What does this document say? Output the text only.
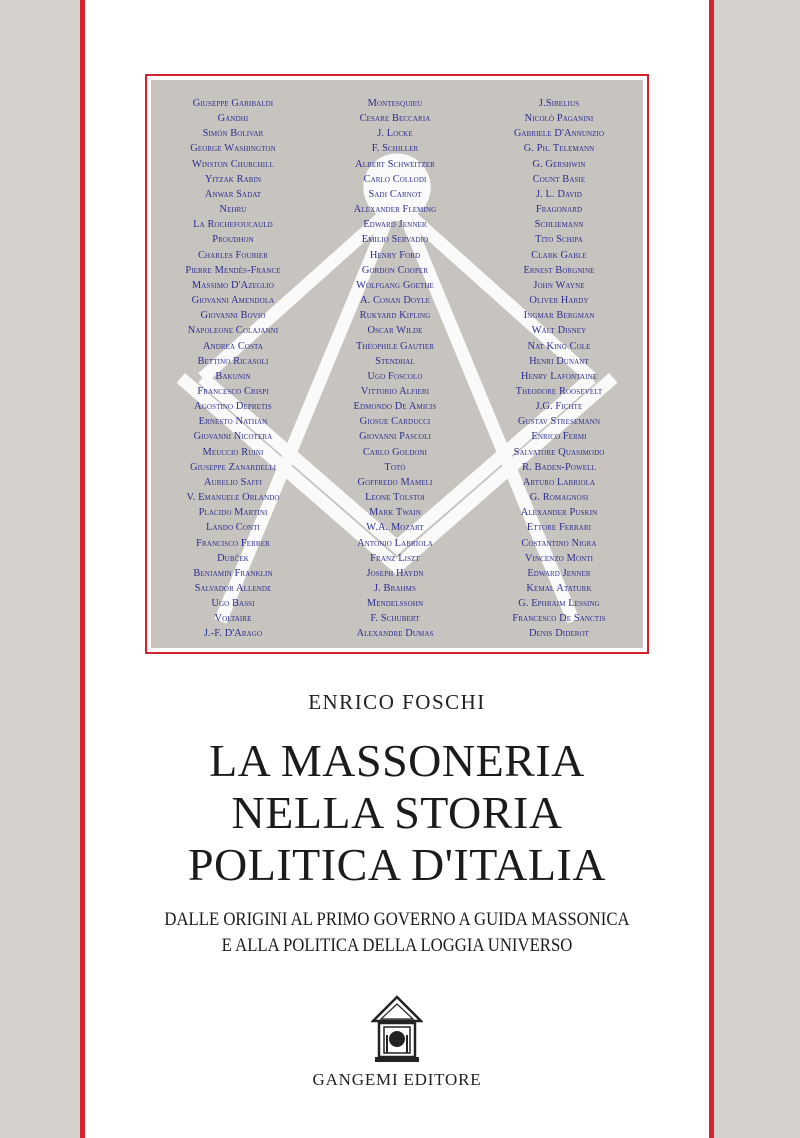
Giuseppe Garibaldi
Gandhi
Simón Bolivar
George Washington
Winston Churchill
Yitzak Rabin
Anwar Sadat
Nehru
La Rochefoucauld
Proudhon
Charles Fourier
Pierre Mendès-France
Massimo D'Azeglio
Giovanni Amendola
Giovanni Bovio
Napoleone Colajanni
Andrea Costa
Bettino Ricasoli
Bakunin
Francesco Crispi
Agostino Depretis
Ernesto Nathan
Giovanni Nicotera
Meuccio Ruini
Giuseppe Zanardelli
Aurelio Saffi
V. Emanuele Orlando
Placido Martini
Lando Conti
Francisco Ferrer
Dubček
Benjamin Franklin
Salvador Allende
Ugo Bassi
Voltaire
J.-F. D'Arago
Montesquieu
Cesare Beccaria
J. Locke
F. Schiller
Albert Schweitzer
Carlo Collodi
Sadi Carnot
Alexander Fleming
Edward Jenner
Emilio Servadio
Henry Ford
Gordon Cooper
Wolfgang Goethe
A. Conan Doyle
Rukyard Kipling
Oscar Wilde
Théophile Gautier
Stendhal
Ugo Foscolo
Vittorio Alfieri
Edmondo De Amicis
Giosue Carducci
Giovanni Pascoli
Carlo Goldoni
Totò
Goffredo Mameli
Leone Tolstoi
Mark Twain
W.A. Mozart
Antonio Labriola
Franz Liszt
Joseph Haydn
J. Brahms
Mendelssohn
F. Schubert
Alexandre Dumas
J.Sibelius
Nicolò Paganini
Gabriele D'Annunzio
G. Ph. Telemann
G. Gershwin
Count Basie
J. L. David
Fragonard
Schliemann
Tito Schipa
Clark Gable
Ernest Borgnine
John Wayne
Oliver Hardy
Ingmar Bergman
Walt Disney
Nat King Cole
Henri Dunant
Henry Lafontaine
Theodore Roosevelt
J.G. Fichte
Gustav Stresemann
Enrico Fermi
Salvatore Quasimodo
R. Baden-Powell
Arturo Labriola
G. Romagnosi
Alexander Puskin
Ettore Ferrari
Costantino Nigra
Vincenzo Monti
Edward Jenner
Kemal Ataturk
G. Ephraim Lessing
Francesco De Sanctis
Denis Diderot
ENRICO FOSCHI
LA MASSONERIA
NELLA STORIA
POLITICA D'ITALIA
DALLE ORIGINI AL PRIMO GOVERNO A GUIDA MASSONICA
E ALLA POLITICA DELLA LOGGIA UNIVERSO
GANGEMI EDITORE
